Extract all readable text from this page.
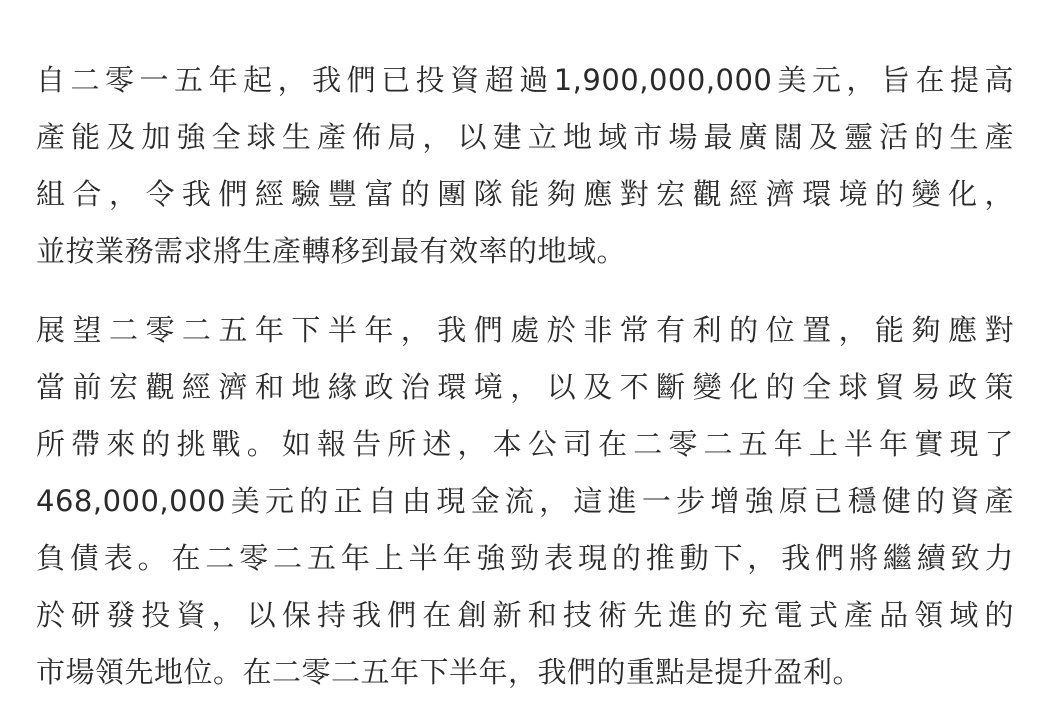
自二零一五年起，我們已投資超過1,900,000,000美元，旨在提高
產能及加強全球生產佈局，以建立地域市場最廣闊及靈活的生產
組合，令我們經驗豐富的團隊能夠應對宏觀經濟環境的變化，
並按業務需求將生產轉移到最有效率的地域。
展望二零二五年下半年，我們處於非常有利的位置，能夠應對
當前宏觀經濟和地緣政治環境，以及不斷變化的全球貿易政策
所帶來的挑戰。如報告所述，本公司在二零二五年上半年實現了
468,000,000美元的正自由現金流，這進一步增強原已穩健的資產
負債表。在二零二五年上半年強勁表現的推動下，我們將繼續致力
於研發投資，以保持我們在創新和技術先進的充電式產品領域的
市場領先地位。在二零二五年下半年，我們的重點是提升盈利。
